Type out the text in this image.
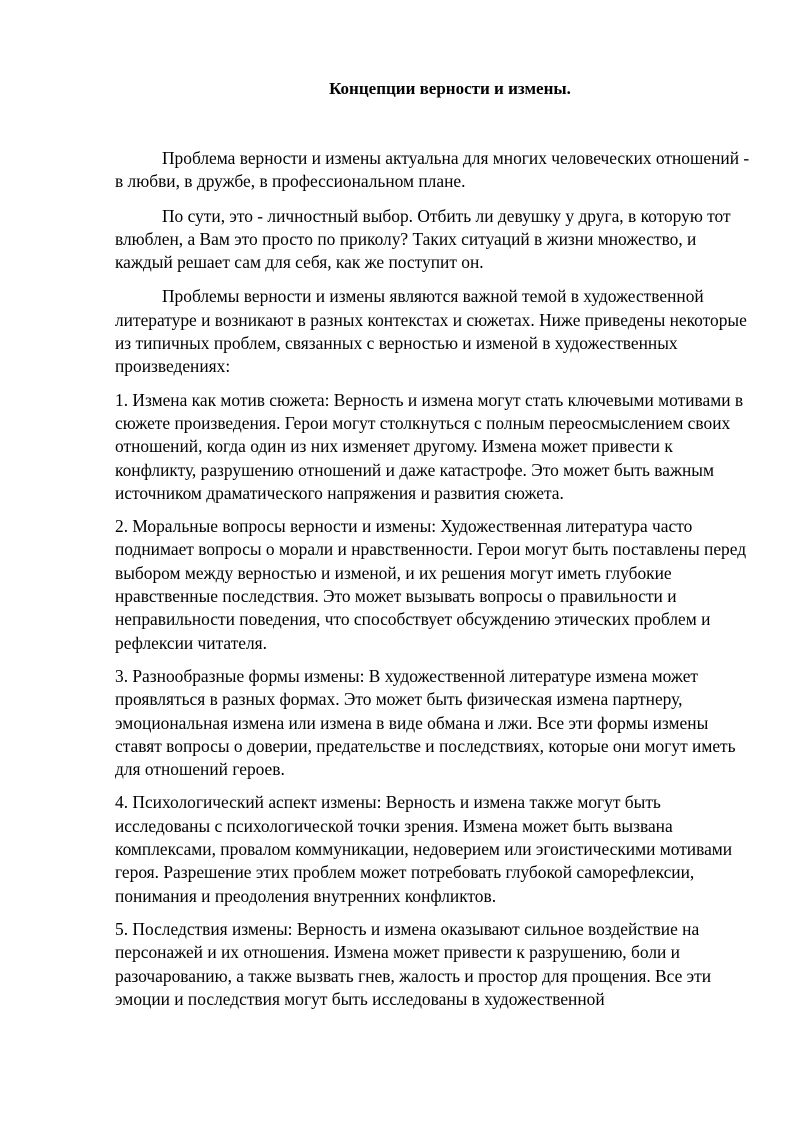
Концепции верности и измены.

Проблема верности и измены актуальна для многих человеческих отношений - в любви, в дружбе, в профессиональном плане.

По сути, это - личностный выбор. Отбить ли девушку у друга, в которую тот влюблен, а Вам это просто по приколу? Таких ситуаций в жизни множество, и каждый решает сам для себя, как же поступит он.

Проблемы верности и измены являются важной темой в художественной литературе и возникают в разных контекстах и сюжетах. Ниже приведены некоторые из типичных проблем, связанных с верностью и изменой в художественных произведениях:

1. Измена как мотив сюжета: Верность и измена могут стать ключевыми мотивами в сюжете произведения. Герои могут столкнуться с полным переосмыслением своих отношений, когда один из них изменяет другому. Измена может привести к конфликту, разрушению отношений и даже катастрофе. Это может быть важным источником драматического напряжения и развития сюжета.

2. Моральные вопросы верности и измены: Художественная литература часто поднимает вопросы о морали и нравственности. Герои могут быть поставлены перед выбором между верностью и изменой, и их решения могут иметь глубокие нравственные последствия. Это может вызывать вопросы о правильности и неправильности поведения, что способствует обсуждению этических проблем и рефлексии читателя.

3. Разнообразные формы измены: В художественной литературе измена может проявляться в разных формах. Это может быть физическая измена партнеру, эмоциональная измена или измена в виде обмана и лжи. Все эти формы измены ставят вопросы о доверии, предательстве и последствиях, которые они могут иметь для отношений героев.

4. Психологический аспект измены: Верность и измена также могут быть исследованы с психологической точки зрения. Измена может быть вызвана комплексами, провалом коммуникации, недоверием или эгоистическими мотивами героя. Разрешение этих проблем может потребовать глубокой саморефлексии, понимания и преодоления внутренних конфликтов.

5. Последствия измены: Верность и измена оказывают сильное воздействие на персонажей и их отношения. Измена может привести к разрушению, боли и разочарованию, а также вызвать гнев, жалость и простор для прощения. Все эти эмоции и последствия могут быть исследованы в художественной
